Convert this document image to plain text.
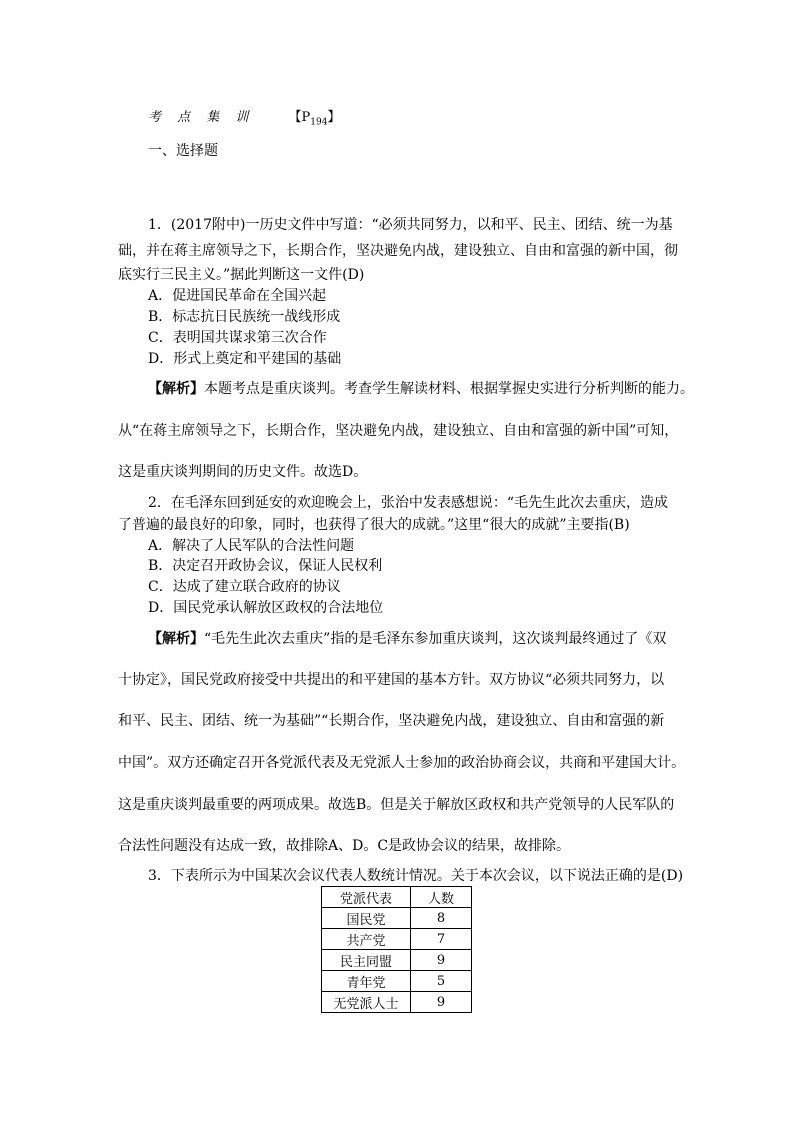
考 点 集 训	【$P_{194}$】
一、选择题
1．(2017附中)一历史文件中写道：“必须共同努力，以和平、民主、团结、统一为基
础，并在蒋主席领导之下，长期合作，坚决避免内战，建设独立、自由和富强的新中国，彻
底实行三民主义。”据此判断这一文件(D)
A．促进国民革命在全国兴起
B．标志抗日民族统一战线形成
C．表明国共谋求第三次合作
D．形式上奠定和平建国的基础
【解析】本题考点是重庆谈判。考查学生解读材料、根据掌握史实进行分析判断的能力。
从“在蒋主席领导之下，长期合作，坚决避免内战，建设独立、自由和富强的新中国”可知，
这是重庆谈判期间的历史文件。故选D。
2．在毛泽东回到延安的欢迎晚会上，张治中发表感想说：“毛先生此次去重庆，造成
了普遍的最良好的印象，同时，也获得了很大的成就。”这里“很大的成就”主要指(B)
A．解决了人民军队的合法性问题
B．决定召开政协会议，保证人民权利
C．达成了建立联合政府的协议
D．国民党承认解放区政权的合法地位
【解析】“毛先生此次去重庆”指的是毛泽东参加重庆谈判，这次谈判最终通过了《双
十协定》，国民党政府接受中共提出的和平建国的基本方针。双方协议“必须共同努力，以
和平、民主、团结、统一为基础”“长期合作，坚决避免内战，建设独立、自由和富强的新
中国”。双方还确定召开各党派代表及无党派人士参加的政治协商会议，共商和平建国大计。
这是重庆谈判最重要的两项成果。故选B。但是关于解放区政权和共产党领导的人民军队的
合法性问题没有达成一致，故排除A、D。C是政协会议的结果，故排除。
3．下表所示为中国某次会议代表人数统计情况。关于本次会议，以下说法正确的是(D)
党派代表	人数
国民党	8
共产党	7
民主同盟	9
青年党	5
无党派人士	9
